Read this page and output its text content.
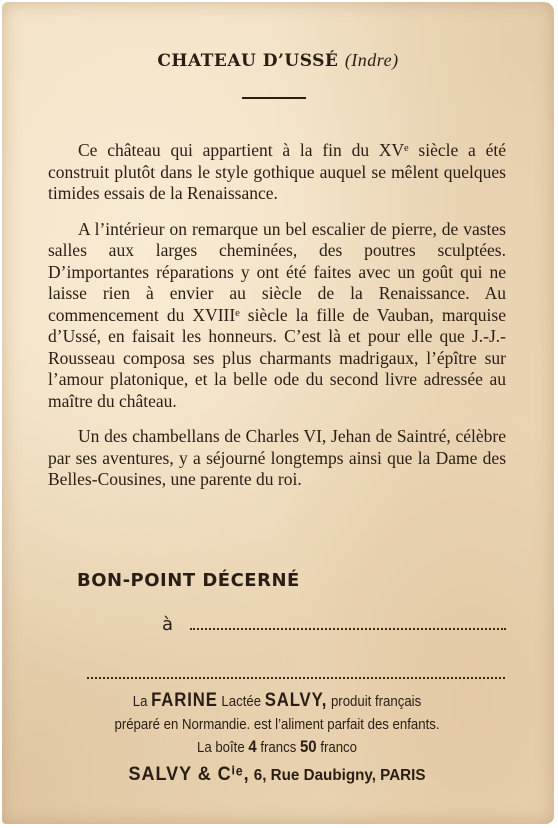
CHATEAU D’USSÉ (Indre)

Ce château qui appartient à la fin du XVᵉ siècle a été construit plutôt dans le style gothique auquel se mêlent quelques timides essais de la Renaissance.

A l’intérieur on remarque un bel escalier de pierre, de vastes salles aux larges cheminées, des poutres sculptées. D’importantes réparations y ont été faites avec un goût qui ne laisse rien à envier au siècle de la Renaissance. Au commencement du XVIIIᵉ siècle la fille de Vauban, marquise d’Ussé, en faisait les honneurs. C’est là et pour elle que J.-J.-Rousseau composa ses plus charmants madrigaux, l’épître sur l’amour platonique, et la belle ode du second livre adressée au maître du château.

Un des chambellans de Charles VI, Jehan de Saintré, célèbre par ses aventures, y a séjourné longtemps ainsi que la Dame des Belles-Cousines, une parente du roi.

BON-POINT DÉCERNÉ
à
La FARINE Lactée SALVY, produit français
préparé en Normandie. est l’aliment parfait des enfants.
La boîte 4 francs 50 franco
SALVY & Cⁱᵉ, 6, Rue Daubigny, PARIS
